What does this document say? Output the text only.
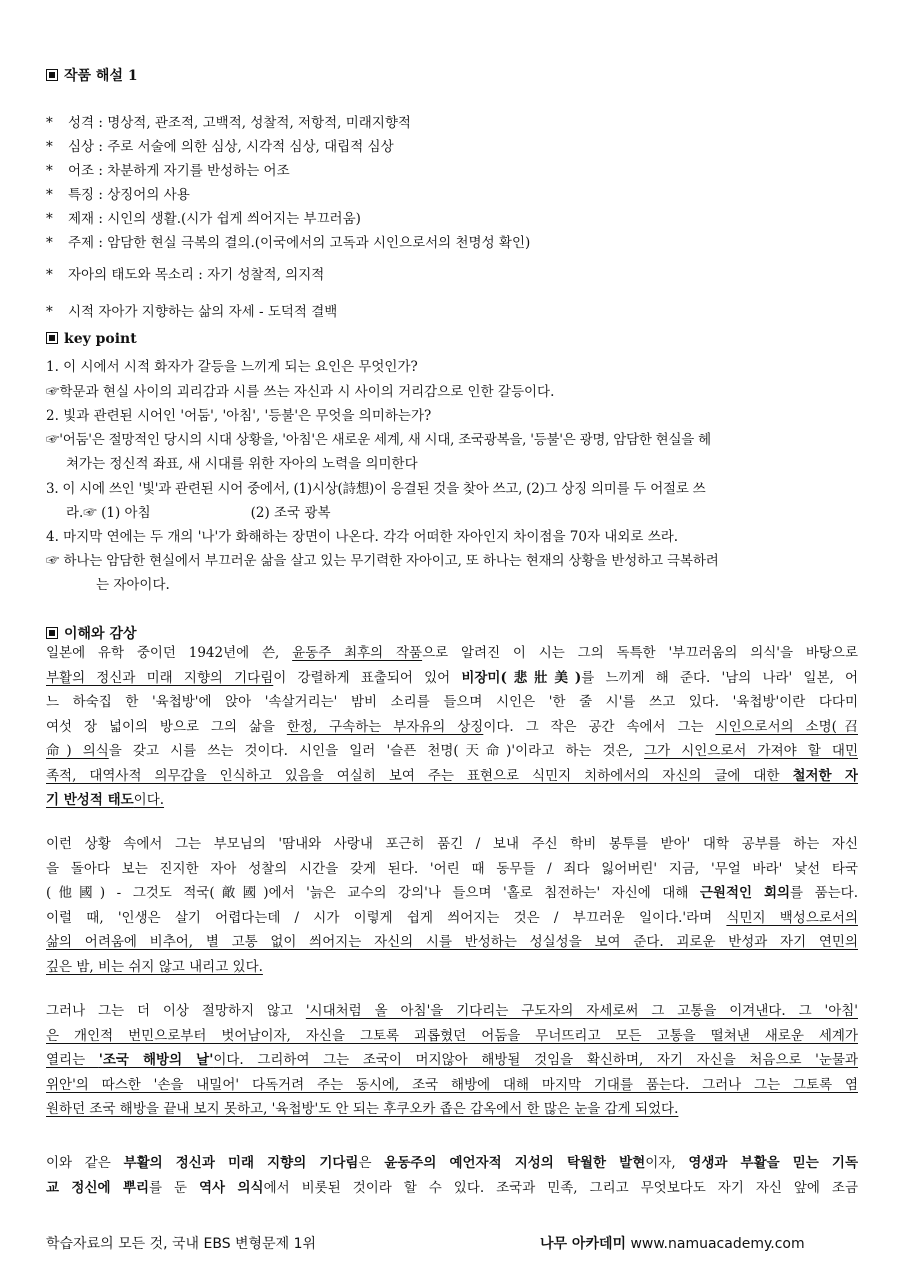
작품 해설 1
* 성격 : 명상적, 관조적, 고백적, 성찰적, 저항적, 미래지향적
* 심상 : 주로 서술에 의한 심상, 시각적 심상, 대립적 심상
* 어조 : 차분하게 자기를 반성하는 어조
* 특징 : 상징어의 사용
* 제재 : 시인의 생활.(시가 쉽게 씌어지는 부끄러움)
* 주제 : 암담한 현실 극복의 결의.(이국에서의 고독과 시인으로서의 천명성 확인)
* 자아의 태도와 목소리 : 자기 성찰적, 의지적
* 시적 자아가 지향하는 삶의 자세 - 도덕적 결백
key point
1. 이 시에서 시적 화자가 갈등을 느끼게 되는 요인은 무엇인가?
☞학문과 현실 사이의 괴리감과 시를 쓰는 자신과 시 사이의 거리감으로 인한 갈등이다.
2. 빛과 관련된 시어인 '어둠', '아침', '등불'은 무엇을 의미하는가?
☞'어둠'은 절망적인 당시의 시대 상황을, '아침'은 새로운 세계, 새 시대, 조국광복을, '등불'은 광명, 암담한 현실을 헤
쳐가는 정신적 좌표, 새 시대를 위한 자아의 노력을 의미한다
3. 이 시에 쓰인 '빛'과 관련된 시어 중에서, (1)시상(詩想)이 응결된 것을 찾아 쓰고, (2)그 상징 의미를 두 어절로 쓰
라.☞ (1) 아침	(2) 조국 광복
4. 마지막 연에는 두 개의 '나'가 화해하는 장면이 나온다. 각각 어떠한 자아인지 차이점을 70자 내외로 쓰라.
☞ 하나는 암담한 현실에서 부끄러운 삶을 살고 있는 무기력한 자아이고, 또 하나는 현재의 상황을 반성하고 극복하려
는 자아이다.
이해와 감상
일본에 유학 중이던 1942년에 쓴, 윤동주 최후의 작품으로 알려진 이 시는 그의 독특한 '부끄러움의 의식'을 바탕으로
부활의 정신과 미래 지향의 기다림이 강렬하게 표출되어 있어 비장미(悲壯美)를 느끼게 해 준다. '남의 나라' 일본, 어
느 하숙집 한 '육첩방'에 앉아 '속살거리는' 밤비 소리를 들으며 시인은 '한 줄 시'를 쓰고 있다. '육첩방'이란 다다미
여섯 장 넓이의 방으로 그의 삶을 한정, 구속하는 부자유의 상징이다. 그 작은 공간 속에서 그는 시인으로서의 소명(召
命) 의식을 갖고 시를 쓰는 것이다. 시인을 일러 '슬픈 천명(天命)'이라고 하는 것은, 그가 시인으로서 가져야 할 대민
족적, 대역사적 의무감을 인식하고 있음을 여실히 보여 주는 표현으로 식민지 치하에서의 자신의 글에 대한 철저한 자
기 반성적 태도이다.
이런 상황 속에서 그는 부모님의 '땀내와 사랑내 포근히 품긴 / 보내 주신 학비 봉투를 받아' 대학 공부를 하는 자신
을 돌아다 보는 진지한 자아 성찰의 시간을 갖게 된다. '어린 때 동무들 / 죄다 잃어버린' 지금, '무얼 바라' 낯선 타국
(他國) - 그것도 적국(敵國)에서 '늙은 교수의 강의'나 들으며 '홀로 침전하는' 자신에 대해 근원적인 회의를 품는다.
이럴 때, '인생은 살기 어렵다는데 / 시가 이렇게 쉽게 씌어지는 것은 / 부끄러운 일이다.'라며 식민지 백성으로서의
삶의 어려움에 비추어, 별 고통 없이 씌어지는 자신의 시를 반성하는 성실성을 보여 준다. 괴로운 반성과 자기 연민의
깊은 밤, 비는 쉬지 않고 내리고 있다.
그러나 그는 더 이상 절망하지 않고 '시대처럼 올 아침'을 기다리는 구도자의 자세로써 그 고통을 이겨낸다. 그 '아침'
은 개인적 번민으로부터 벗어남이자, 자신을 그토록 괴롭혔던 어둠을 무너뜨리고 모든 고통을 떨쳐낸 새로운 세계가
열리는 '조국 해방의 날'이다. 그리하여 그는 조국이 머지않아 해방될 것임을 확신하며, 자기 자신을 처음으로 '눈물과
위안'의 따스한 '손을 내밀어' 다독거려 주는 동시에, 조국 해방에 대해 마지막 기대를 품는다. 그러나 그는 그토록 염
원하던 조국 해방을 끝내 보지 못하고, '육첩방'도 안 되는 후쿠오카 좁은 감옥에서 한 많은 눈을 감게 되었다.
이와 같은 부활의 정신과 미래 지향의 기다림은 윤동주의 예언자적 지성의 탁월한 발현이자, 영생과 부활을 믿는 기독
교 정신에 뿌리를 둔 역사 의식에서 비롯된 것이라 할 수 있다. 조국과 민족, 그리고 무엇보다도 자기 자신 앞에 조금
학습자료의 모든 것, 국내 EBS 변형문제 1위	나무 아카데미 www.namuacademy.com
